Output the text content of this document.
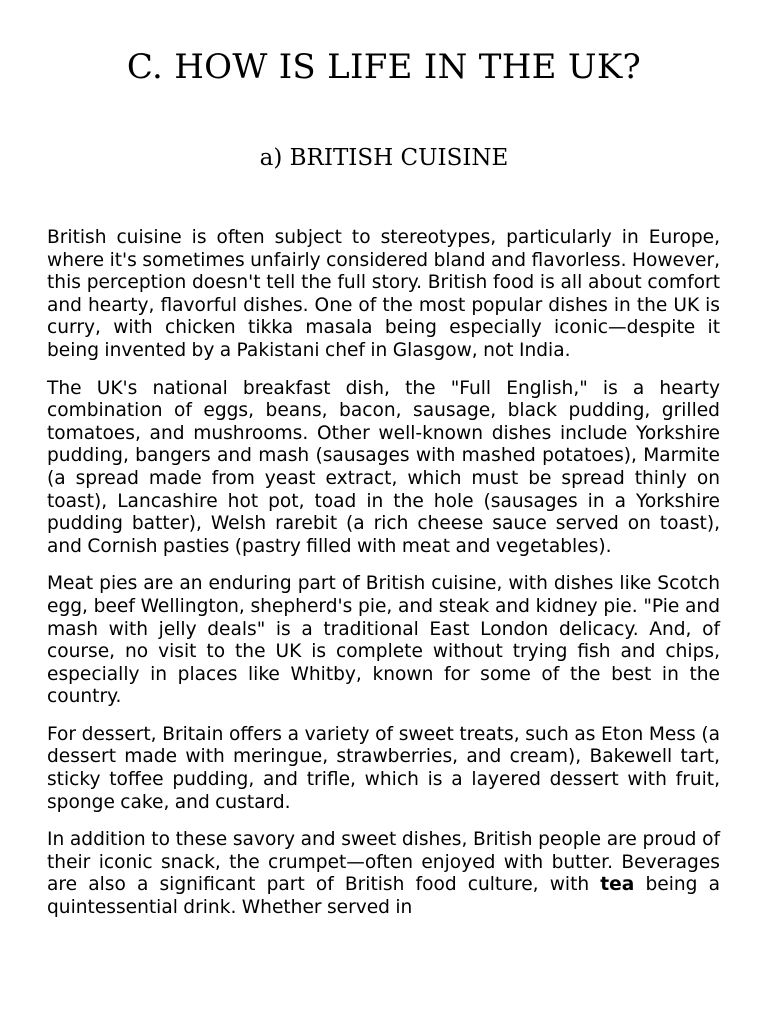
C. HOW IS LIFE IN THE UK?
a) BRITISH CUISINE

British cuisine is often subject to stereotypes, particularly in Europe, where it's sometimes unfairly considered bland and flavorless. However, this perception doesn't tell the full story. British food is all about comfort and hearty, flavorful dishes. One of the most popular dishes in the UK is curry, with chicken tikka masala being especially iconic—despite it being invented by a Pakistani chef in Glasgow, not India.

The UK's national breakfast dish, the "Full English," is a hearty combination of eggs, beans, bacon, sausage, black pudding, grilled tomatoes, and mushrooms. Other well-known dishes include Yorkshire pudding, bangers and mash (sausages with mashed potatoes), Marmite (a spread made from yeast extract, which must be spread thinly on toast), Lancashire hot pot, toad in the hole (sausages in a Yorkshire pudding batter), Welsh rarebit (a rich cheese sauce served on toast), and Cornish pasties (pastry filled with meat and vegetables).

Meat pies are an enduring part of British cuisine, with dishes like Scotch egg, beef Wellington, shepherd's pie, and steak and kidney pie. "Pie and mash with jelly deals" is a traditional East London delicacy. And, of course, no visit to the UK is complete without trying fish and chips, especially in places like Whitby, known for some of the best in the country.

For dessert, Britain offers a variety of sweet treats, such as Eton Mess (a dessert made with meringue, strawberries, and cream), Bakewell tart, sticky toffee pudding, and trifle, which is a layered dessert with fruit, sponge cake, and custard.

In addition to these savory and sweet dishes, British people are proud of their iconic snack, the crumpet—often enjoyed with butter. Beverages are also a significant part of British food culture, with tea being a quintessential drink. Whether served in
